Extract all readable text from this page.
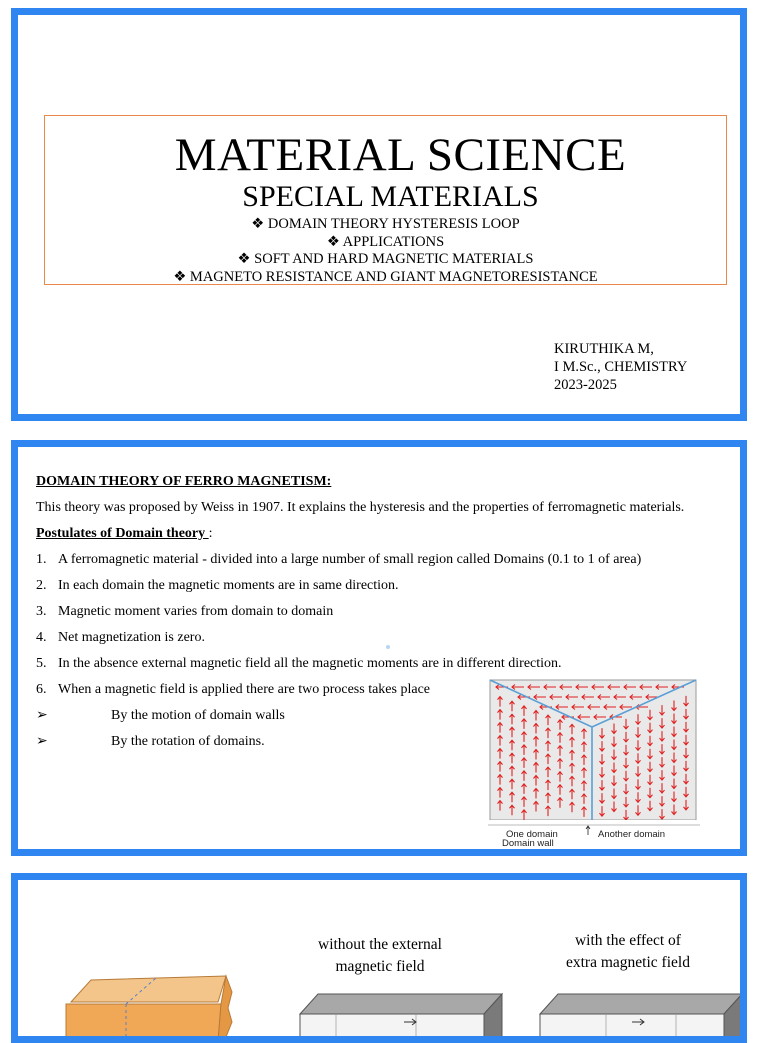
MATERIAL SCIENCE
SPECIAL MATERIALS
❖ DOMAIN THEORY HYSTERESIS LOOP
❖ APPLICATIONS
❖ SOFT AND HARD MAGNETIC MATERIALS
❖ MAGNETO RESISTANCE AND GIANT MAGNETORESISTANCE
KIRUTHIKA M,
I M.Sc., CHEMISTRY
2023-2025
DOMAIN THEORY OF FERRO MAGNETISM:
This theory was proposed by Weiss in 1907. It explains the hysteresis and the properties of ferromagnetic materials.
Postulates of Domain theory :
1. A ferromagnetic material - divided into a large number of small region called Domains (0.1 to 1 of area)
2. In each domain the magnetic moments are in same direction.
3. Magnetic moment varies from domain to domain
4. Net magnetization is zero.
5. In the absence external magnetic field all the magnetic moments are in different direction.
6. When a magnetic field is applied there are two process takes place
➢	By the motion of domain walls
➢	By the rotation of domains.
One domain	Another domain
Domain wall
without the external
magnetic field
with the effect of
extra magnetic field
